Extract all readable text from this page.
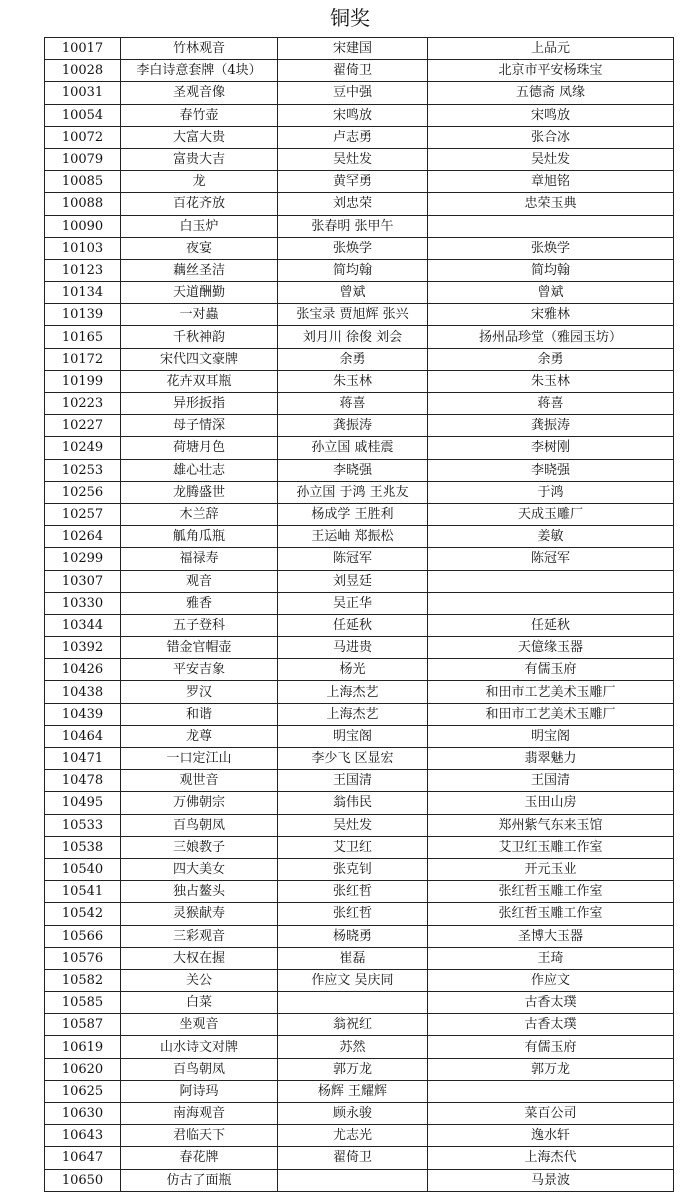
铜奖
10017	竹林观音	宋建国	上品元
10028	李白诗意套牌（4块）	翟倚卫	北京市平安杨珠宝
10031	圣观音像	豆中强	五德斋 凤缘
10054	春竹壶	宋鸣放	宋鸣放
10072	大富大贵	卢志勇	张合冰
10079	富贵大吉	吴灶发	吴灶发
10085	龙	黄罕勇	章旭铭
10088	百花齐放	刘忠荣	忠荣玉典
10090	白玉炉	张春明 张甲午	
10103	夜宴	张焕学	张焕学
10123	藕丝圣洁	简均翰	简均翰
10134	天道酬勤	曾斌	曾斌
10139	一对蟲	张宝录 贾旭辉 张兴	宋雅林
10165	千秋神韵	刘月川 徐俊 刘会	扬州品珍堂（雅园玉坊）
10172	宋代四文豪牌	余勇	余勇
10199	花卉双耳瓶	朱玉林	朱玉林
10223	异形扳指	蒋喜	蒋喜
10227	母子情深	龚振涛	龚振涛
10249	荷塘月色	孙立国 戚桂震	李树刚
10253	雄心壮志	李晓强	李晓强
10256	龙腾盛世	孙立国 于鸿 王兆友	于鸿
10257	木兰辞	杨成学 王胜利	天成玉雕厂
10264	觚角瓜瓶	王运岫 郑振松	姜敏
10299	福禄寿	陈冠军	陈冠军
10307	观音	刘昱廷	
10330	雅香	吴正华	
10344	五子登科	任延秋	任延秋
10392	错金官帽壶	马进贵	天億缘玉器
10426	平安吉象	杨光	有儒玉府
10438	罗汉	上海杰艺	和田市工艺美术玉雕厂
10439	和谐	上海杰艺	和田市工艺美术玉雕厂
10464	龙尊	明宝阁	明宝阁
10471	一口定江山	李少飞 区显宏	翡翠魅力
10478	观世音	王国清	王国清
10495	万佛朝宗	翁伟民	玉田山房
10533	百鸟朝凤	吴灶发	郑州紫气东来玉馆
10538	三娘教子	艾卫红	艾卫红玉雕工作室
10540	四大美女	张克钊	开元玉业
10541	独占鳌头	张红哲	张红哲玉雕工作室
10542	灵猴献寿	张红哲	张红哲玉雕工作室
10566	三彩观音	杨晓勇	圣博大玉器
10576	大权在握	崔磊	王琦
10582	关公	作应文 吴庆同	作应文
10585	白菜		古香太璞
10587	坐观音	翁祝红	古香太璞
10619	山水诗文对牌	苏然	有儒玉府
10620	百鸟朝凤	郭万龙	郭万龙
10625	阿诗玛	杨辉 王耀辉	
10630	南海观音	顾永骏	菜百公司
10643	君临天下	尤志光	逸水轩
10647	春花牌	翟倚卫	上海杰代
10650	仿古了面瓶		马景波
